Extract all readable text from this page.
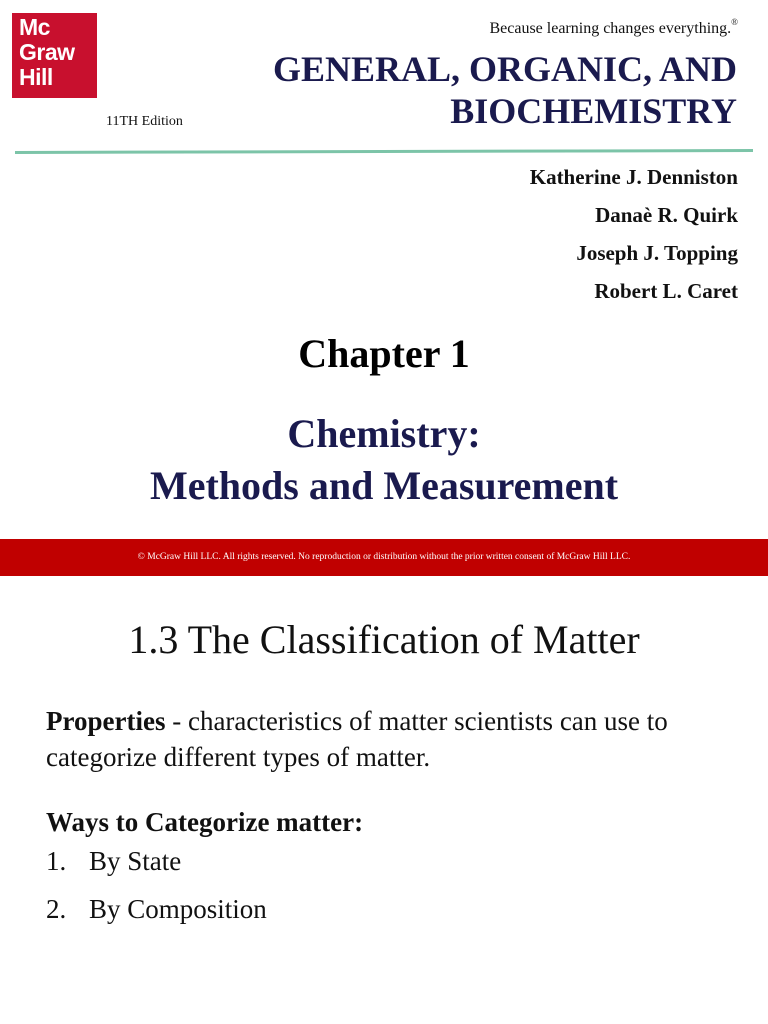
Mc
Graw
Hill
Because learning changes everything.®
GENERAL, ORGANIC, AND
BIOCHEMISTRY
11TH Edition
Katherine J. Denniston
Danaè R. Quirk
Joseph J. Topping
Robert L. Caret
Chapter 1
Chemistry:
Methods and Measurement
© McGraw Hill LLC. All rights reserved. No reproduction or distribution without the prior written consent of McGraw Hill LLC.
1.3 The Classification of Matter
Properties - characteristics of matter scientists can use to categorize different types of matter.
Ways to Categorize matter:
1. By State
2. By Composition
